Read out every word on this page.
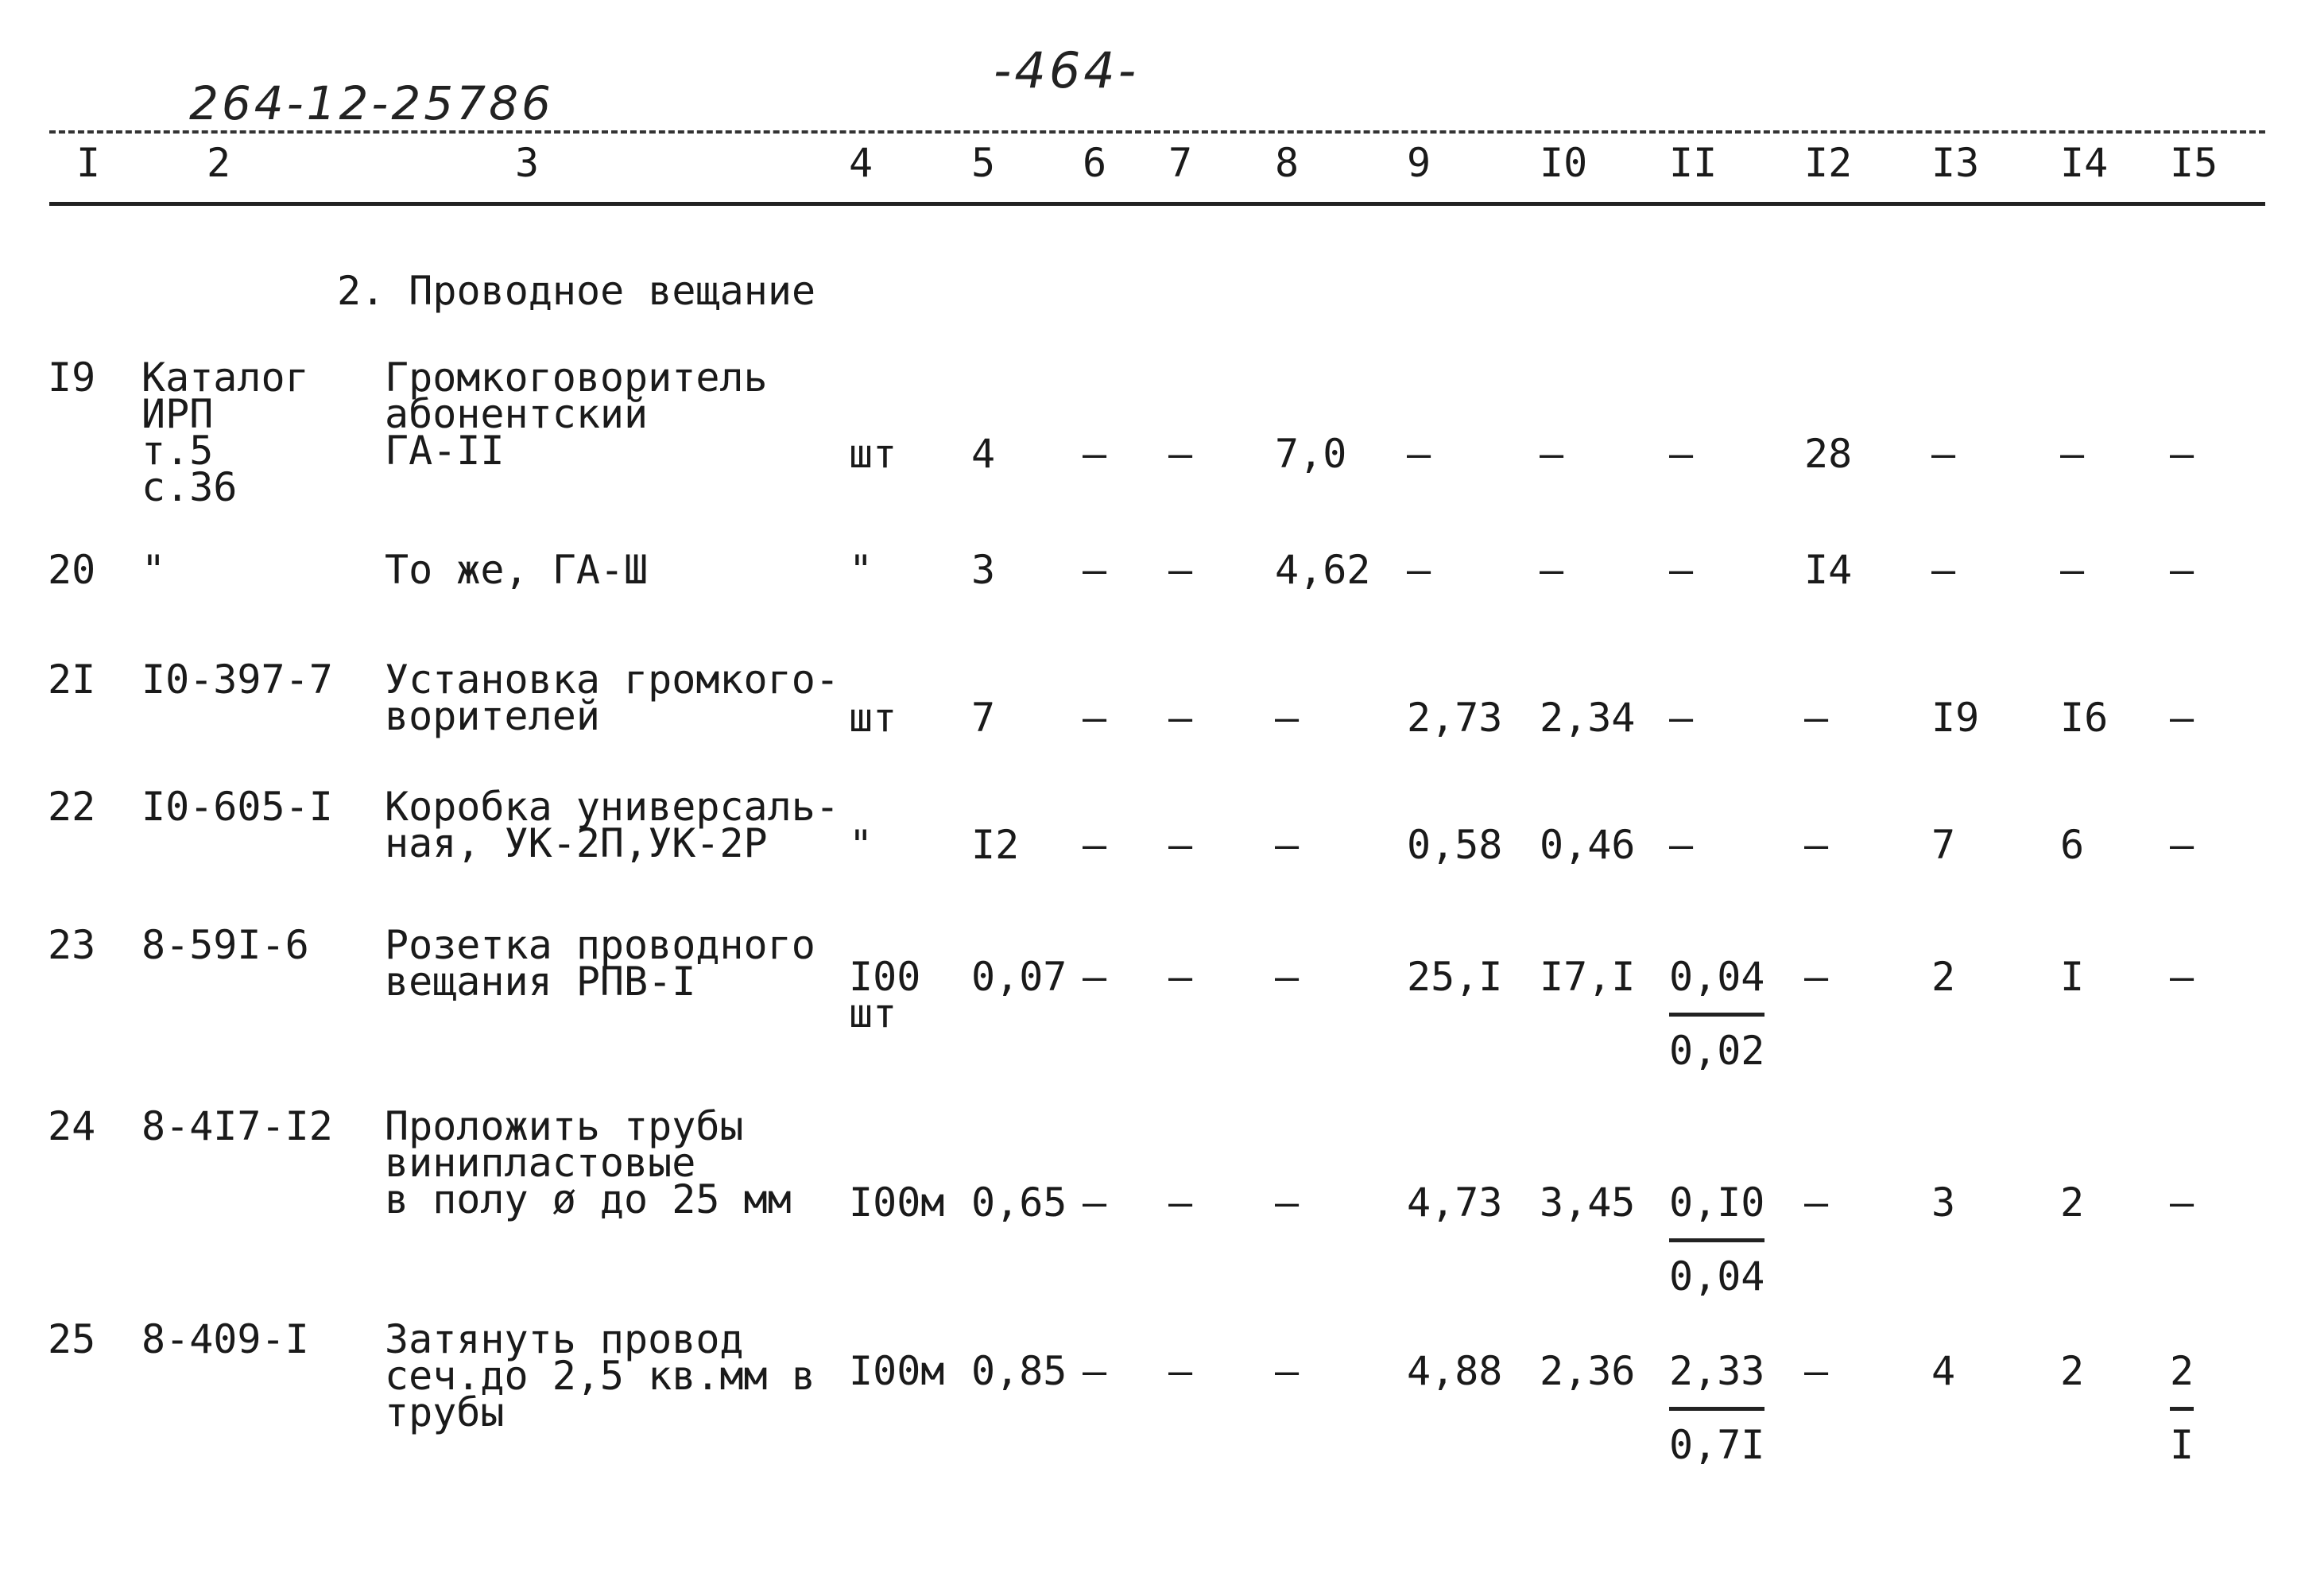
264-12-25786
-464-
I	2	3	4 5 6 7 8	9	I0 II I2 I3 I4 I5
2. Проводное вещание
I9 Каталог
ИРП
т.5
с.36
Громкоговоритель
абонентский
ГА-II	шт 4 – – 7,0 –	–	–	28 –	– –
20 "	То же, ГА-Ш	" 3 – – 4,62 –	–	–	I4 –	– –
2I I0-397-7 Установка громкого-
ворителей	шт 7 – – –	2,73 2,34 –	–	I9 I6 –
22 I0-605-I Коробка универсаль-
ная, УК-2П,УК-2Р	" I2 – – –	0,58 0,46 –	–	7	6 –
23 8-59I-6 Розетка проводного
вещания РПВ-I	I00
шт
0,07 – – –	25,I $I7,I \frac{0,04}{0,02}$ –	2	I –
24 8-4I7-I2 Проложить трубы
винипластовые
в полу ø до 25 мм I00м 0,65 – – –	4,73 $3,45 \frac{0,I0}{0,04}$ –	3	2 –
25 8-409-I Затянуть провод
сеч.до 2,5 кв.мм в
трубы
I00м 0,85 – – –	4,88 $2,36 \frac{2,33}{0,7I}$ –	4	$2 \frac{2}{I}$
